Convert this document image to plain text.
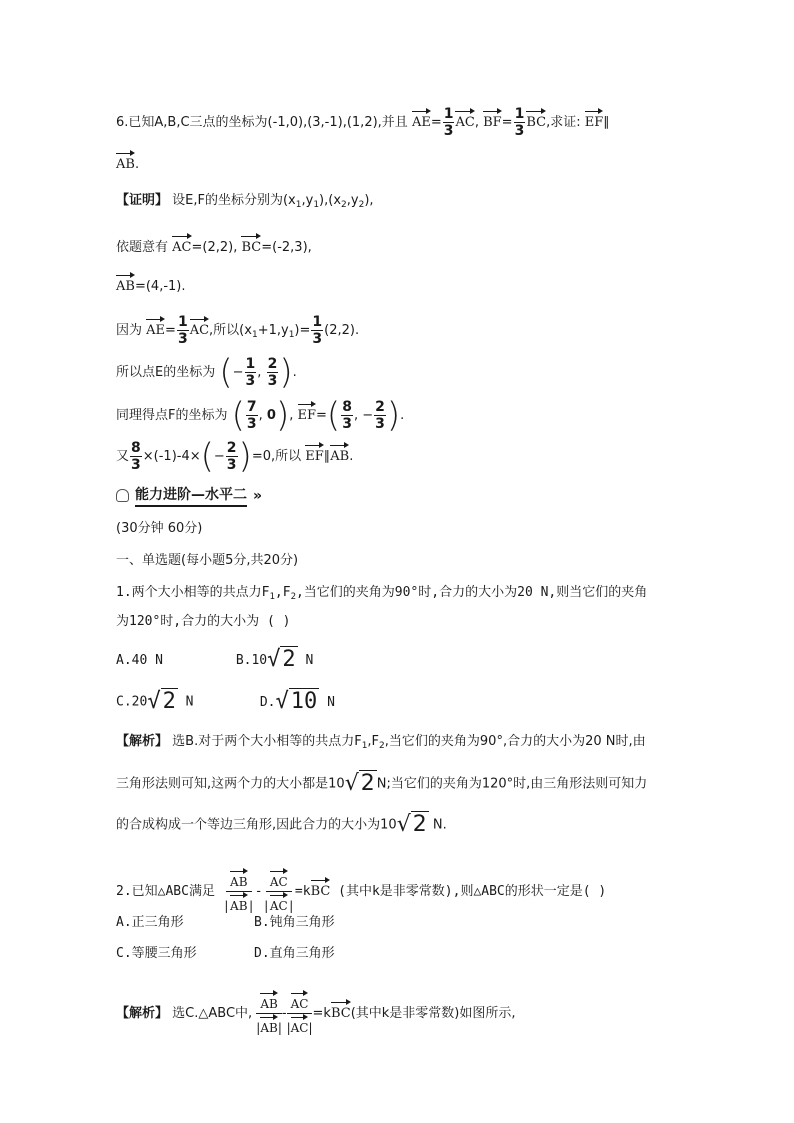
6.已知A,B,C三点的坐标为(-1,0),(3,-1),(1,2),并且 $AE= \frac{1}{3}$ AC, $BF= \frac{1}{3}$ BC,求证: EF∥
AB.
【证明】 设E,F的坐标分别为$(x_1,y_1),(x_2,y_2)$,
依题意有 AC=(2,2), BC=(-2,3),
AB=(4,-1).
因为 $AE= \frac{1}{3}$ AC,所以$(x_1+1,y_1)= \frac{1}{3} (2,2)$.
所以点E的坐标为 (− $\frac{1}{3}$ , $\frac{2}{3}$ ).
同理得点F的坐标为 ( $\frac{7}{3}$ , 0), $EF=( \frac{8}{3}$ , − $\frac{2}{3}$ ).
又 $\frac{8}{3} \times(-1)-4\times(- \frac{2}{3} )=0$,所以 EF∥AB.
能力进阶—水平二 »
(30分钟 60分)
一、单选题(每小题5分,共20分)
1.两个大小相等的共点力$F_1,F_2$,当它们的夹角为90°时,合力的大小为20 N,则当它们的夹角
为120°时,合力的大小为 ( )
A.40 N	B.10√2 N
C.20√2 N	D.√10 N
【解析】 选B.对于两个大小相等的共点力$F_1,F_2$,当它们的夹角为90°,合力的大小为20 N时,由
三角形法则可知,这两个力的大小都是10√2 N;当它们的夹角为120°时,由三角形法则可知力
的合成构成一个等边三角形,因此合力的大小为10√2 N.
2.已知△ABC满足 $\frac{AB}{|AB|} - \frac{AC}{|AC|} =kBC$ (其中k是非零常数),则△ABC的形状一定是( )
A.正三角形	B.钝角三角形
C.等腰三角形	D.直角三角形
【解析】 选C.△ABC中, $\frac{AB}{|AB|} - \frac{AC}{|AC|} =kBC$(其中k是非零常数)如图所示,
